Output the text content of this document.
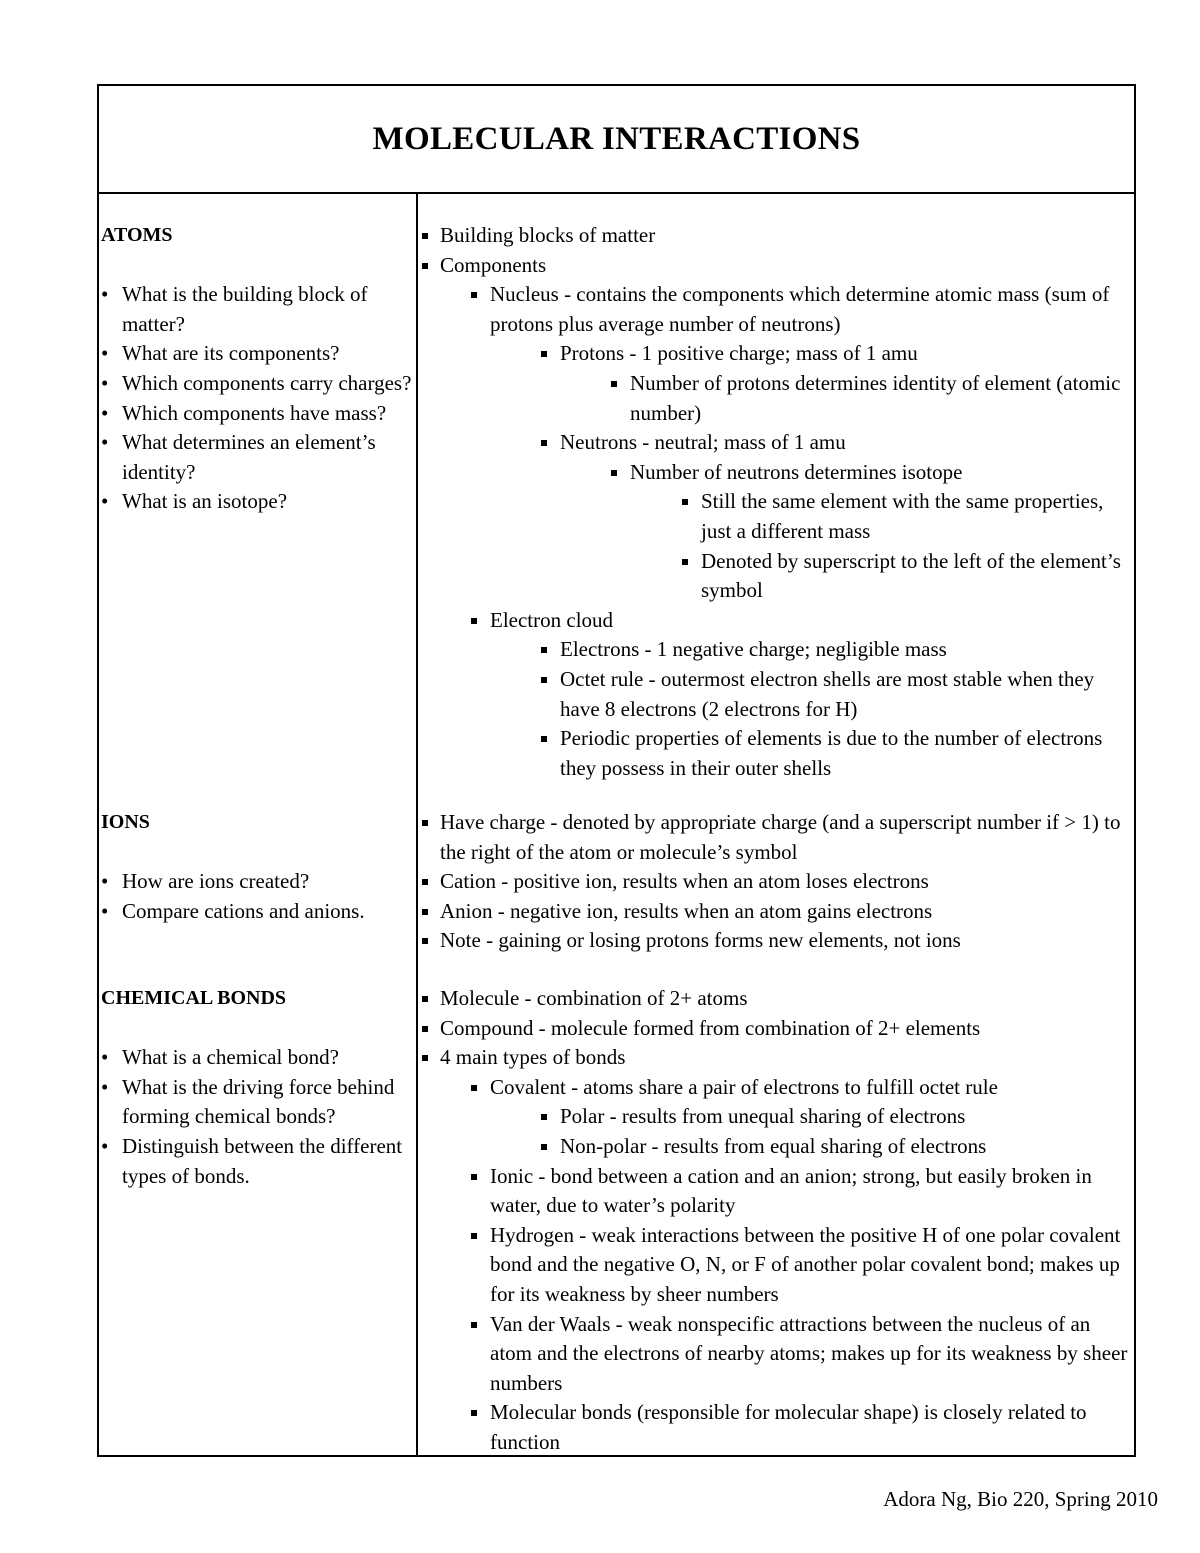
MOLECULAR INTERACTIONS
ATOMS
• What is the building block of matter?
• What are its components?
• Which components carry charges?
• Which components have mass?
• What determines an element’s identity?
• What is an isotope?
Building blocks of matter
Components
Nucleus - contains the components which determine atomic mass (sum of protons plus average number of neutrons)
Protons - 1 positive charge; mass of 1 amu
Number of protons determines identity of element (atomic number)
Neutrons - neutral; mass of 1 amu
Number of neutrons determines isotope
Still the same element with the same properties, just a different mass
Denoted by superscript to the left of the element’s symbol
Electron cloud
Electrons - 1 negative charge; negligible mass
Octet rule - outermost electron shells are most stable when they have 8 electrons (2 electrons for H)
Periodic properties of elements is due to the number of electrons they possess in their outer shells
IONS
• How are ions created?
• Compare cations and anions.
Have charge - denoted by appropriate charge (and a superscript number if > 1) to the right of the atom or molecule’s symbol
Cation - positive ion, results when an atom loses electrons
Anion - negative ion, results when an atom gains electrons
Note - gaining or losing protons forms new elements, not ions
CHEMICAL BONDS
• What is a chemical bond?
• What is the driving force behind forming chemical bonds?
• Distinguish between the different types of bonds.
Molecule - combination of 2+ atoms
Compound - molecule formed from combination of 2+ elements
4 main types of bonds
Covalent - atoms share a pair of electrons to fulfill octet rule
Polar - results from unequal sharing of electrons
Non-polar - results from equal sharing of electrons
Ionic - bond between a cation and an anion; strong, but easily broken in water, due to water’s polarity
Hydrogen - weak interactions between the positive H of one polar covalent bond and the negative O, N, or F of another polar covalent bond; makes up for its weakness by sheer numbers
Van der Waals - weak nonspecific attractions between the nucleus of an atom and the electrons of nearby atoms; makes up for its weakness by sheer numbers
Molecular bonds (responsible for molecular shape) is closely related to function
Adora Ng, Bio 220, Spring 2010
